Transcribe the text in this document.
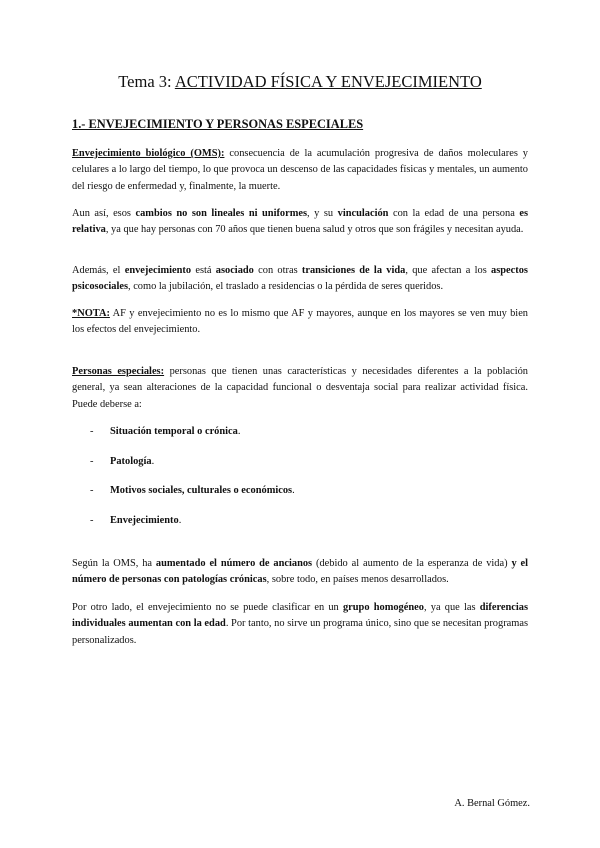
Tema 3: ACTIVIDAD FÍSICA Y ENVEJECIMIENTO
1.- ENVEJECIMIENTO Y PERSONAS ESPECIALES
Envejecimiento biológico (OMS): consecuencia de la acumulación progresiva de daños moleculares y celulares a lo largo del tiempo, lo que provoca un descenso de las capacidades físicas y mentales, un aumento del riesgo de enfermedad y, finalmente, la muerte.
Aun así, esos cambios no son lineales ni uniformes, y su vinculación con la edad de una persona es relativa, ya que hay personas con 70 años que tienen buena salud y otros que son frágiles y necesitan ayuda.
Además, el envejecimiento está asociado con otras transiciones de la vida, que afectan a los aspectos psicosociales, como la jubilación, el traslado a residencias o la pérdida de seres queridos.
*NOTA: AF y envejecimiento no es lo mismo que AF y mayores, aunque en los mayores se ven muy bien los efectos del envejecimiento.
Personas especiales: personas que tienen unas características y necesidades diferentes a la población general, ya sean alteraciones de la capacidad funcional o desventaja social para realizar actividad física. Puede deberse a:
- Situación temporal o crónica.
- Patología.
- Motivos sociales, culturales o económicos.
- Envejecimiento.
Según la OMS, ha aumentado el número de ancianos (debido al aumento de la esperanza de vida) y el número de personas con patologías crónicas, sobre todo, en países menos desarrollados.
Por otro lado, el envejecimiento no se puede clasificar en un grupo homogéneo, ya que las diferencias individuales aumentan con la edad. Por tanto, no sirve un programa único, sino que se necesitan programas personalizados.
A. Bernal Gómez.
